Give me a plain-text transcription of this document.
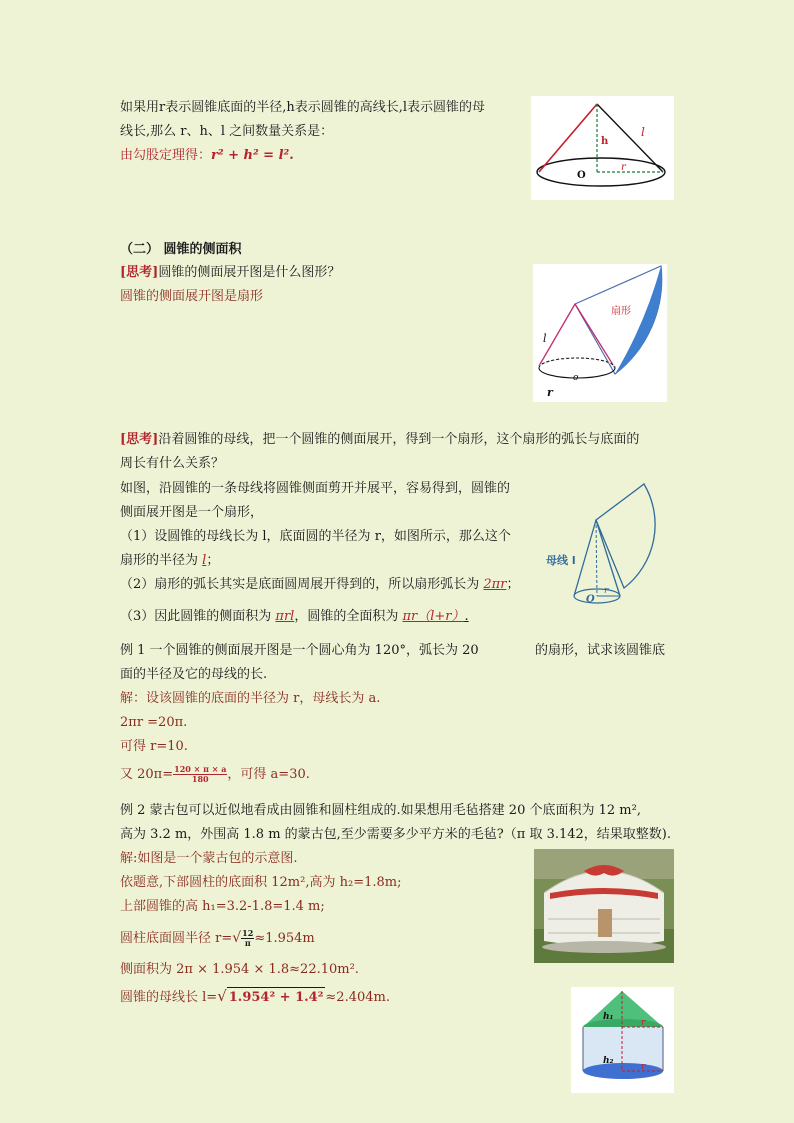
如果用r表示圆锥底面的半径,h表示圆锥的高线长,l表示圆锥的母
线长,那么 r、h、l 之间数量关系是：
由勾股定理得：r² + h² = l².
h
l
r
O
（二） 圆锥的侧面积
[思考]圆锥的侧面展开图是什么图形？
圆锥的侧面展开图是扇形
扇形
l
o
r
[思考]沿着圆锥的母线，把一个圆锥的侧面展开，得到一个扇形，这个扇形的弧长与底面的
周长有什么关系？
如图，沿圆锥的一条母线将圆锥侧面剪开并展平，容易得到，圆锥的
侧面展开图是一个扇形，
（1）设圆锥的母线长为 l，底面圆的半径为 r，如图所示，那么这个
扇形的半径为 l；
（2）扇形的弧长其实是底面圆周展开得到的，所以扇形弧长为 2πr；
（3）因此圆锥的侧面积为 πrl，圆锥的全面积为 πr（l+r）.
母线 l
O
r
例 1 一个圆锥的侧面展开图是一个圆心角为 120°，弧长为 20	的扇形，试求该圆锥底
面的半径及它的母线的长.
解：设该圆锥的底面的半径为 r，母线长为 a.
2πr =20π.
可得 r=10.
又 $20\pi= \frac{120 \times \pi \times a}{180}$ ，可得 a=30.
例 2 蒙古包可以近似地看成由圆锥和圆柱组成的.如果想用毛毡搭建 20 个底面积为 12 m²,
高为 3.2 m，外围高 1.8 m 的蒙古包,至少需要多少平方米的毛毡?（π 取 3.142，结果取整数).
解:如图是一个蒙古包的示意图.
依题意,下部圆柱的底面积 12m²,高为 h₂=1.8m;
上部圆锥的高 h₁=3.2-1.8=1.4 m;
圆柱底面圆半径 $r=√ \frac{12}{\pi} \approx 1.954m$
侧面积为 2π × 1.954 × 1.8≈22.10m².
圆锥的母线长 l=√ 1.954² + 1.4² ≈2.404m.
h₁
h₂
r
r
